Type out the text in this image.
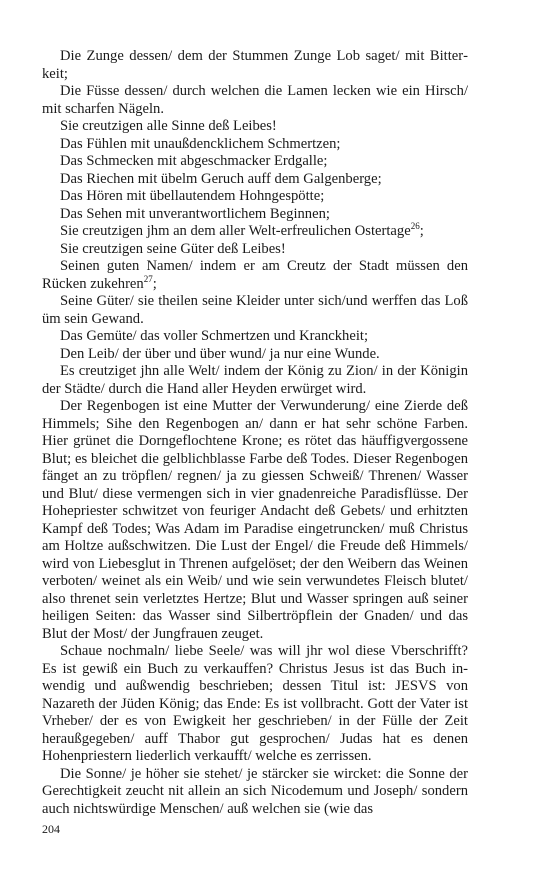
Die Zunge dessen/ dem der Stummen Zunge Lob saget/ mit Bitterkeit;

Die Füsse dessen/ durch welchen die Lamen lecken wie ein Hirsch/ mit scharfen Nägeln.

Sie creutzigen alle Sinne deß Leibes!

Das Fühlen mit unaußdencklichem Schmertzen;

Das Schmecken mit abgeschmacker Erdgalle;

Das Riechen mit übelm Geruch auff dem Galgenberge;

Das Hören mit übellautendem Hohngespötte;

Das Sehen mit unverantwortlichem Beginnen;

Sie creutzigen jhm an dem aller Welt-erfreulichen Ostertage$^{26}$;

Sie creutzigen seine Güter deß Leibes!

Seinen guten Namen/ indem er am Creutz der Stadt müssen den Rücken zukehren$^{27}$;

Seine Güter/ sie theilen seine Kleider unter sich/und werffen das Loß üm sein Gewand.

Das Gemüte/ das voller Schmertzen und Kranckheit;

Den Leib/ der über und über wund/ ja nur eine Wunde.

Es creutziget jhn alle Welt/ indem der König zu Zion/ in der Königin der Städte/ durch die Hand aller Heyden erwürget wird.

Der Regenbogen ist eine Mutter der Verwunderung/ eine Zierde deß Himmels; Sihe den Regenbogen an/ dann er hat sehr schöne Farben. Hier grünet die Dorngeflochtene Krone; es rötet das häuffigvergossene Blut; es bleichet die gelblichblasse Farbe deß Todes. Dieser Regenbogen fänget an zu tröpflen/ regnen/ ja zu giessen Schweiß/ Threnen/ Wasser und Blut/ diese vermengen sich in vier gnadenreiche Paradisflüsse. Der Hohepriester schwitzet von feuriger Andacht deß Gebets/ und erhitzten Kampf deß Todes; Was Adam im Paradise eingetruncken/ muß Christus am Holtze außschwitzen. Die Lust der Engel/ die Freude deß Himmels/ wird von Liebesglut in Threnen aufgelöset; der den Weibern das Weinen verboten/ weinet als ein Weib/ und wie sein verwundetes Fleisch blutet/ also threnet sein verletztes Hertze; Blut und Wasser springen auß seiner heiligen Seiten: das Wasser sind Silbertröpflein der Gnaden/ und das Blut der Most/ der Jungfrauen zeuget.

Schaue nochmaln/ liebe Seele/ was will jhr wol diese Vberschrifft? Es ist gewiß ein Buch zu verkauffen? Christus Jesus ist das Buch inwendig und außwendig beschrieben; dessen Titul ist: JESVS von Nazareth der Jüden König; das Ende: Es ist vollbracht. Gott der Vater ist Vrheber/ der es von Ewigkeit her geschrieben/ in der Fülle der Zeit heraußgegeben/ auff Thabor gut gesprochen/ Judas hat es denen Hohenpriestern liederlich verkaufft/ welche es zerrissen.

Die Sonne/ je höher sie stehet/ je stärcker sie wircket: die Sonne der Gerechtigkeit zeucht nit allein an sich Nicodemum und Joseph/ sondern auch nichtswürdige Menschen/ auß welchen sie (wie das

204
